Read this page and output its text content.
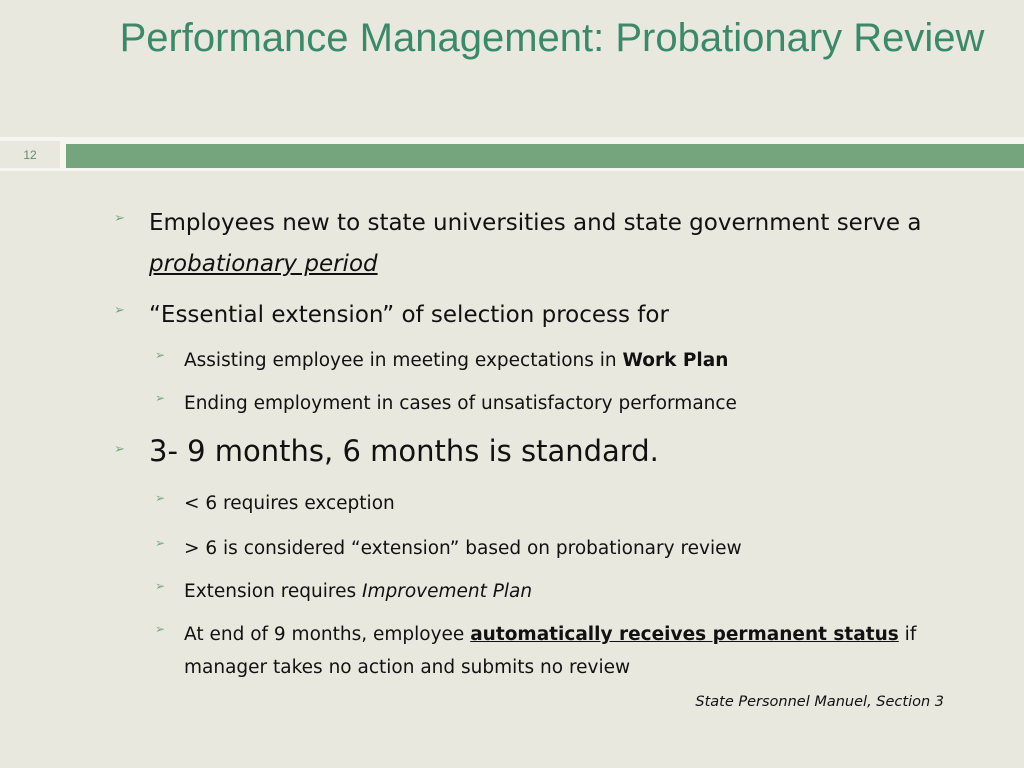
Performance Management: Probationary Review
12
➢	Employees new to state universities and state government serve a probationary period
➢	“Essential extension” of selection process for
➢	Assisting employee in meeting expectations in Work Plan
➢	Ending employment in cases of unsatisfactory performance
➢ 3- 9 months, 6 months is standard.
➢	< 6 requires exception
➢	> 6 is considered “extension” based on probationary review
➢	Extension requires Improvement Plan
➢	At end of 9 months, employee automatically receives permanent status if manager takes no action and submits no review
State Personnel Manuel, Section 3
